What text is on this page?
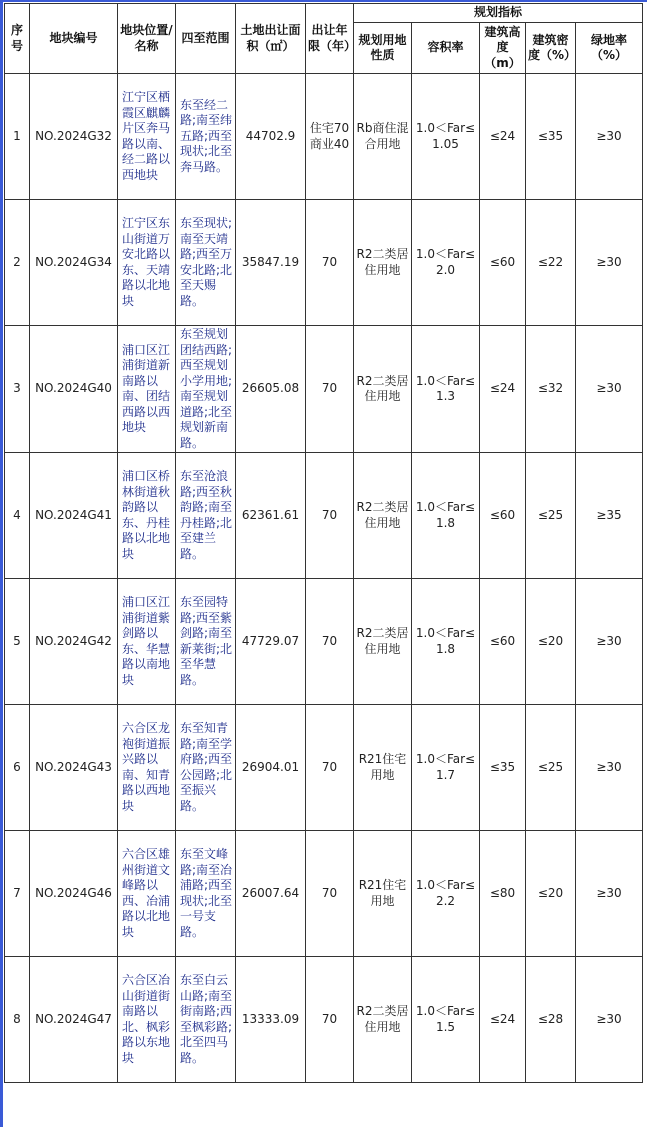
序号	地块编号	地块位置/名称	四至范围	土地出让面积（㎡）	出让年限（年）	规划指标				
						规划用地性质	容积率	建筑高度（m）	建筑密度（%）	绿地率（%）
1	NO.2024G32	江宁区栖霞区麒麟片区奔马路以南、经二路以西地块	东至经二路;南至纬五路;西至现状;北至奔马路。	44702.9	住宅70商业40	Rb商住混合用地	1.0＜Far≤1.05	≤24	≤35	≥30
2	NO.2024G34	江宁区东山街道万安北路以东、天靖路以北地块	东至现状;南至天靖路;西至万安北路;北至天赐路。	35847.19	70	R2二类居住用地	1.0＜Far≤2.0	≤60	≤22	≥30
3	NO.2024G40	浦口区江浦街道新南路以南、团结西路以西地块	东至规划团结西路;西至规划小学用地;南至规划道路;北至规划新南路。	26605.08	70	R2二类居住用地	1.0＜Far≤1.3	≤24	≤32	≥30
4	NO.2024G41	浦口区桥林街道秋韵路以东、丹桂路以北地块	东至沧浪路;西至秋韵路;南至丹桂路;北至建兰路。	62361.61	70	R2二类居住用地	1.0＜Far≤1.8	≤60	≤25	≥35
5	NO.2024G42	浦口区江浦街道紫剑路以东、华慧路以南地块	东至园特路;西至紫剑路;南至新莱街;北至华慧路。	47729.07	70	R2二类居住用地	1.0＜Far≤1.8	≤60	≤20	≥30
6	NO.2024G43	六合区龙袍街道振兴路以南、知青路以西地块	东至知青路;南至学府路;西至公园路;北至振兴路。	26904.01	70	R21住宅用地	1.0＜Far≤1.7	≤35	≤25	≥30
7	NO.2024G46	六合区雄州街道文峰路以西、冶浦路以北地块	东至文峰路;南至冶浦路;西至现状;北至一号支路。	26007.64	70	R21住宅用地	1.0＜Far≤2.2	≤80	≤20	≥30
8	NO.2024G47	六合区冶山街道街南路以北、枫彩路以东地块	东至白云山路;南至街南路;西至枫彩路;北至四马路。	13333.09	70	R2二类居住用地	1.0＜Far≤1.5	≤24	≤28	≥30
